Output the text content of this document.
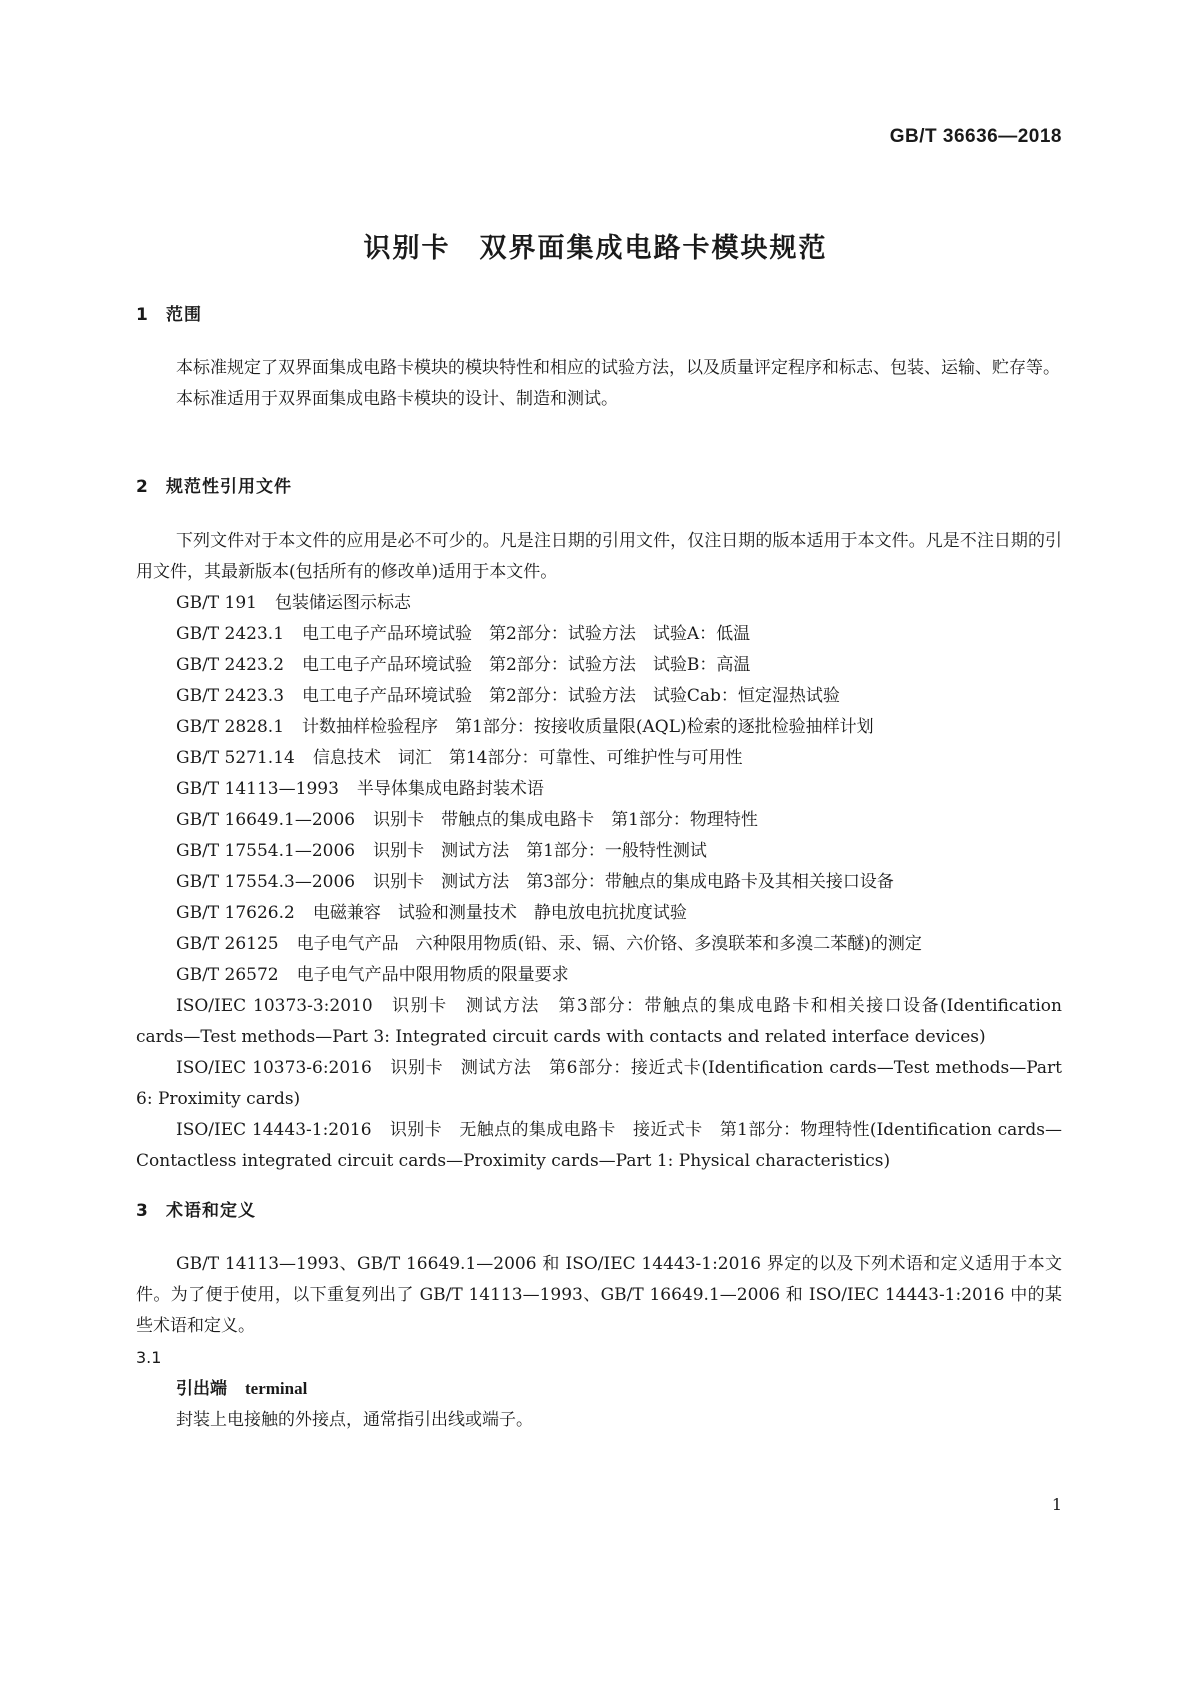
GB/T 36636—2018
识别卡　双界面集成电路卡模块规范
1 范围

本标准规定了双界面集成电路卡模块的模块特性和相应的试验方法，以及质量评定程序和标志、包装、运输、贮存等。

本标准适用于双界面集成电路卡模块的设计、制造和测试。

2 规范性引用文件

下列文件对于本文件的应用是必不可少的。凡是注日期的引用文件，仅注日期的版本适用于本文件。凡是不注日期的引用文件，其最新版本(包括所有的修改单)适用于本文件。

GB/T 191 包装储运图示标志

GB/T 2423.1 电工电子产品环境试验　第2部分：试验方法　试验A：低温

GB/T 2423.2 电工电子产品环境试验　第2部分：试验方法　试验B：高温

GB/T 2423.3 电工电子产品环境试验　第2部分：试验方法　试验Cab：恒定湿热试验

GB/T 2828.1 计数抽样检验程序　第1部分：按接收质量限(AQL)检索的逐批检验抽样计划

GB/T 5271.14 信息技术　词汇　第14部分：可靠性、可维护性与可用性

GB/T 14113—1993 半导体集成电路封装术语

GB/T 16649.1—2006 识别卡　带触点的集成电路卡　第1部分：物理特性

GB/T 17554.1—2006 识别卡　测试方法　第1部分：一般特性测试

GB/T 17554.3—2006 识别卡　测试方法　第3部分：带触点的集成电路卡及其相关接口设备

GB/T 17626.2 电磁兼容　试验和测量技术　静电放电抗扰度试验

GB/T 26125 电子电气产品　六种限用物质(铅、汞、镉、六价铬、多溴联苯和多溴二苯醚)的测定

GB/T 26572 电子电气产品中限用物质的限量要求

ISO/IEC 10373-3:2010 识别卡　测试方法　第3部分：带触点的集成电路卡和相关接口设备(Identification cards—Test methods—Part 3: Integrated circuit cards with contacts and related interface devices)

ISO/IEC 10373-6:2016 识别卡　测试方法　第6部分：接近式卡(Identification cards—Test methods—Part 6: Proximity cards)

ISO/IEC 14443-1:2016 识别卡　无触点的集成电路卡　接近式卡　第1部分：物理特性(Identification cards—Contactless integrated circuit cards—Proximity cards—Part 1: Physical characteristics)

3 术语和定义

GB/T 14113—1993、GB/T 16649.1—2006 和 ISO/IEC 14443-1:2016 界定的以及下列术语和定义适用于本文件。为了便于使用，以下重复列出了 GB/T 14113—1993、GB/T 16649.1—2006 和 ISO/IEC 14443-1:2016 中的某些术语和定义。

3.1
引出端 terminal

封装上电接触的外接点，通常指引出线或端子。

1
